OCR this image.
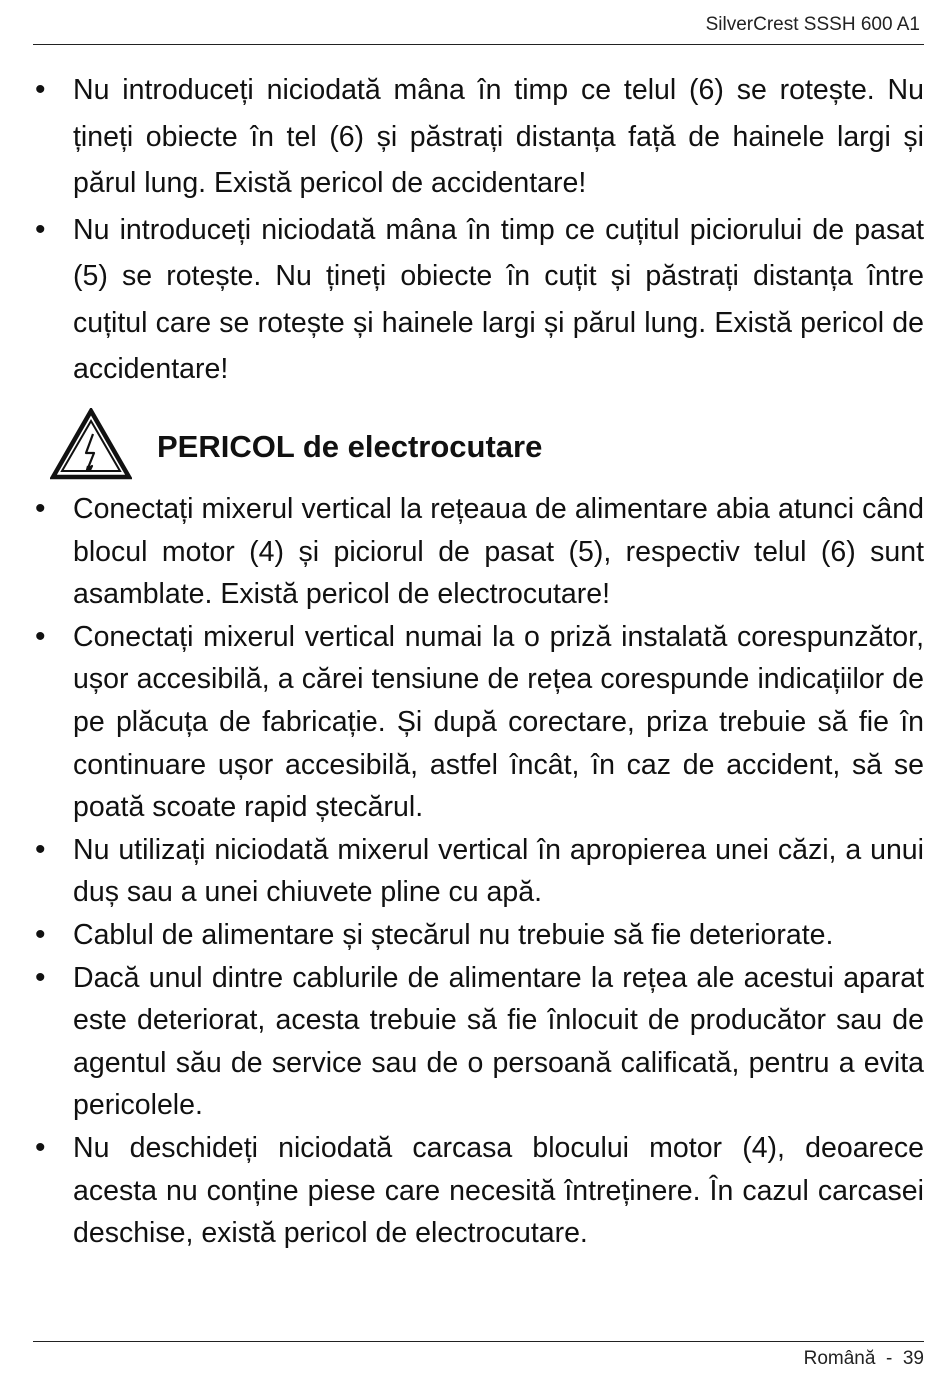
SilverCrest SSSH 600 A1
• Nu introduceți niciodată mâna în timp ce telul (6) se rotește. Nu țineți obiecte în tel (6) și păstrați distanța față de hainele largi și părul lung. Există pericol de accidentare!
• Nu introduceți niciodată mâna în timp ce cuțitul piciorului de pasat (5) se rotește. Nu țineți obiecte în cuțit și păstrați distanța între cuțitul care se rotește și hainele largi și părul lung. Există pericol de accidentare!
PERICOL de electrocutare
• Conectați mixerul vertical la rețeaua de alimentare abia atunci când blocul motor (4) și piciorul de pasat (5), respectiv telul (6) sunt asamblate. Există pericol de electrocutare!
• Conectați mixerul vertical numai la o priză instalată corespunzător, ușor accesibilă, a cărei tensiune de rețea corespunde indicațiilor de pe plăcuța de fabricație. Și după corectare, priza trebuie să fie în continuare ușor accesibilă, astfel încât, în caz de accident, să se poată scoate rapid ștecărul.
• Nu utilizați niciodată mixerul vertical în apropierea unei căzi, a unui duș sau a unei chiuvete pline cu apă.
• Cablul de alimentare și ștecărul nu trebuie să fie deteriorate.
• Dacă unul dintre cablurile de alimentare la rețea ale acestui aparat este deteriorat, acesta trebuie să fie înlocuit de producător sau de agentul său de service sau de o persoană calificată, pentru a evita pericolele.
• Nu deschideți niciodată carcasa blocului motor (4), deoarece acesta nu conține piese care necesită întreținere. În cazul carcasei deschise, există pericol de electrocutare.
Română  -  39
